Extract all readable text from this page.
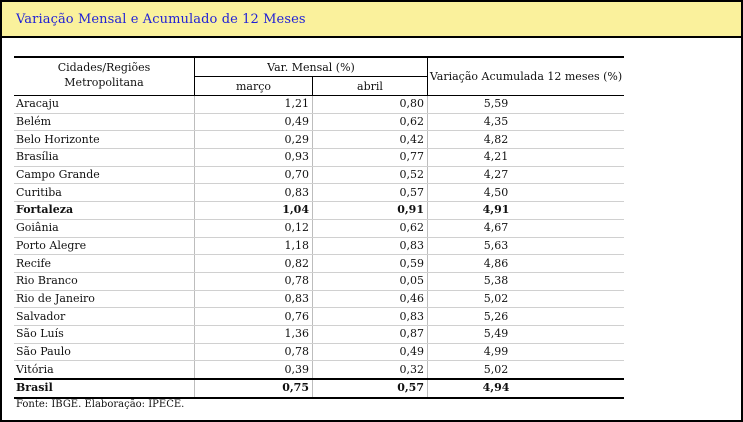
Variação Mensal e Acumulado de 12 Meses
Cidades/Regiões
Metropolitana	Var. Mensal (%)		Variação Acumulada 12 meses (%)
	março	abril	
Aracaju	1,21	0,80	5,59
Belém	0,49	0,62	4,35
Belo Horizonte	0,29	0,42	4,82
Brasília	0,93	0,77	4,21
Campo Grande	0,70	0,52	4,27
Curitiba	0,83	0,57	4,50
Fortaleza	1,04	0,91	4,91
Goiânia	0,12	0,62	4,67
Porto Alegre	1,18	0,83	5,63
Recife	0,82	0,59	4,86
Rio Branco	0,78	0,05	5,38
Rio de Janeiro	0,83	0,46	5,02
Salvador	0,76	0,83	5,26
São Luís	1,36	0,87	5,49
São Paulo	0,78	0,49	4,99
Vitória	0,39	0,32	5,02
Brasil	0,75	0,57	4,94
Fonte: IBGE. Elaboração: IPECE.
